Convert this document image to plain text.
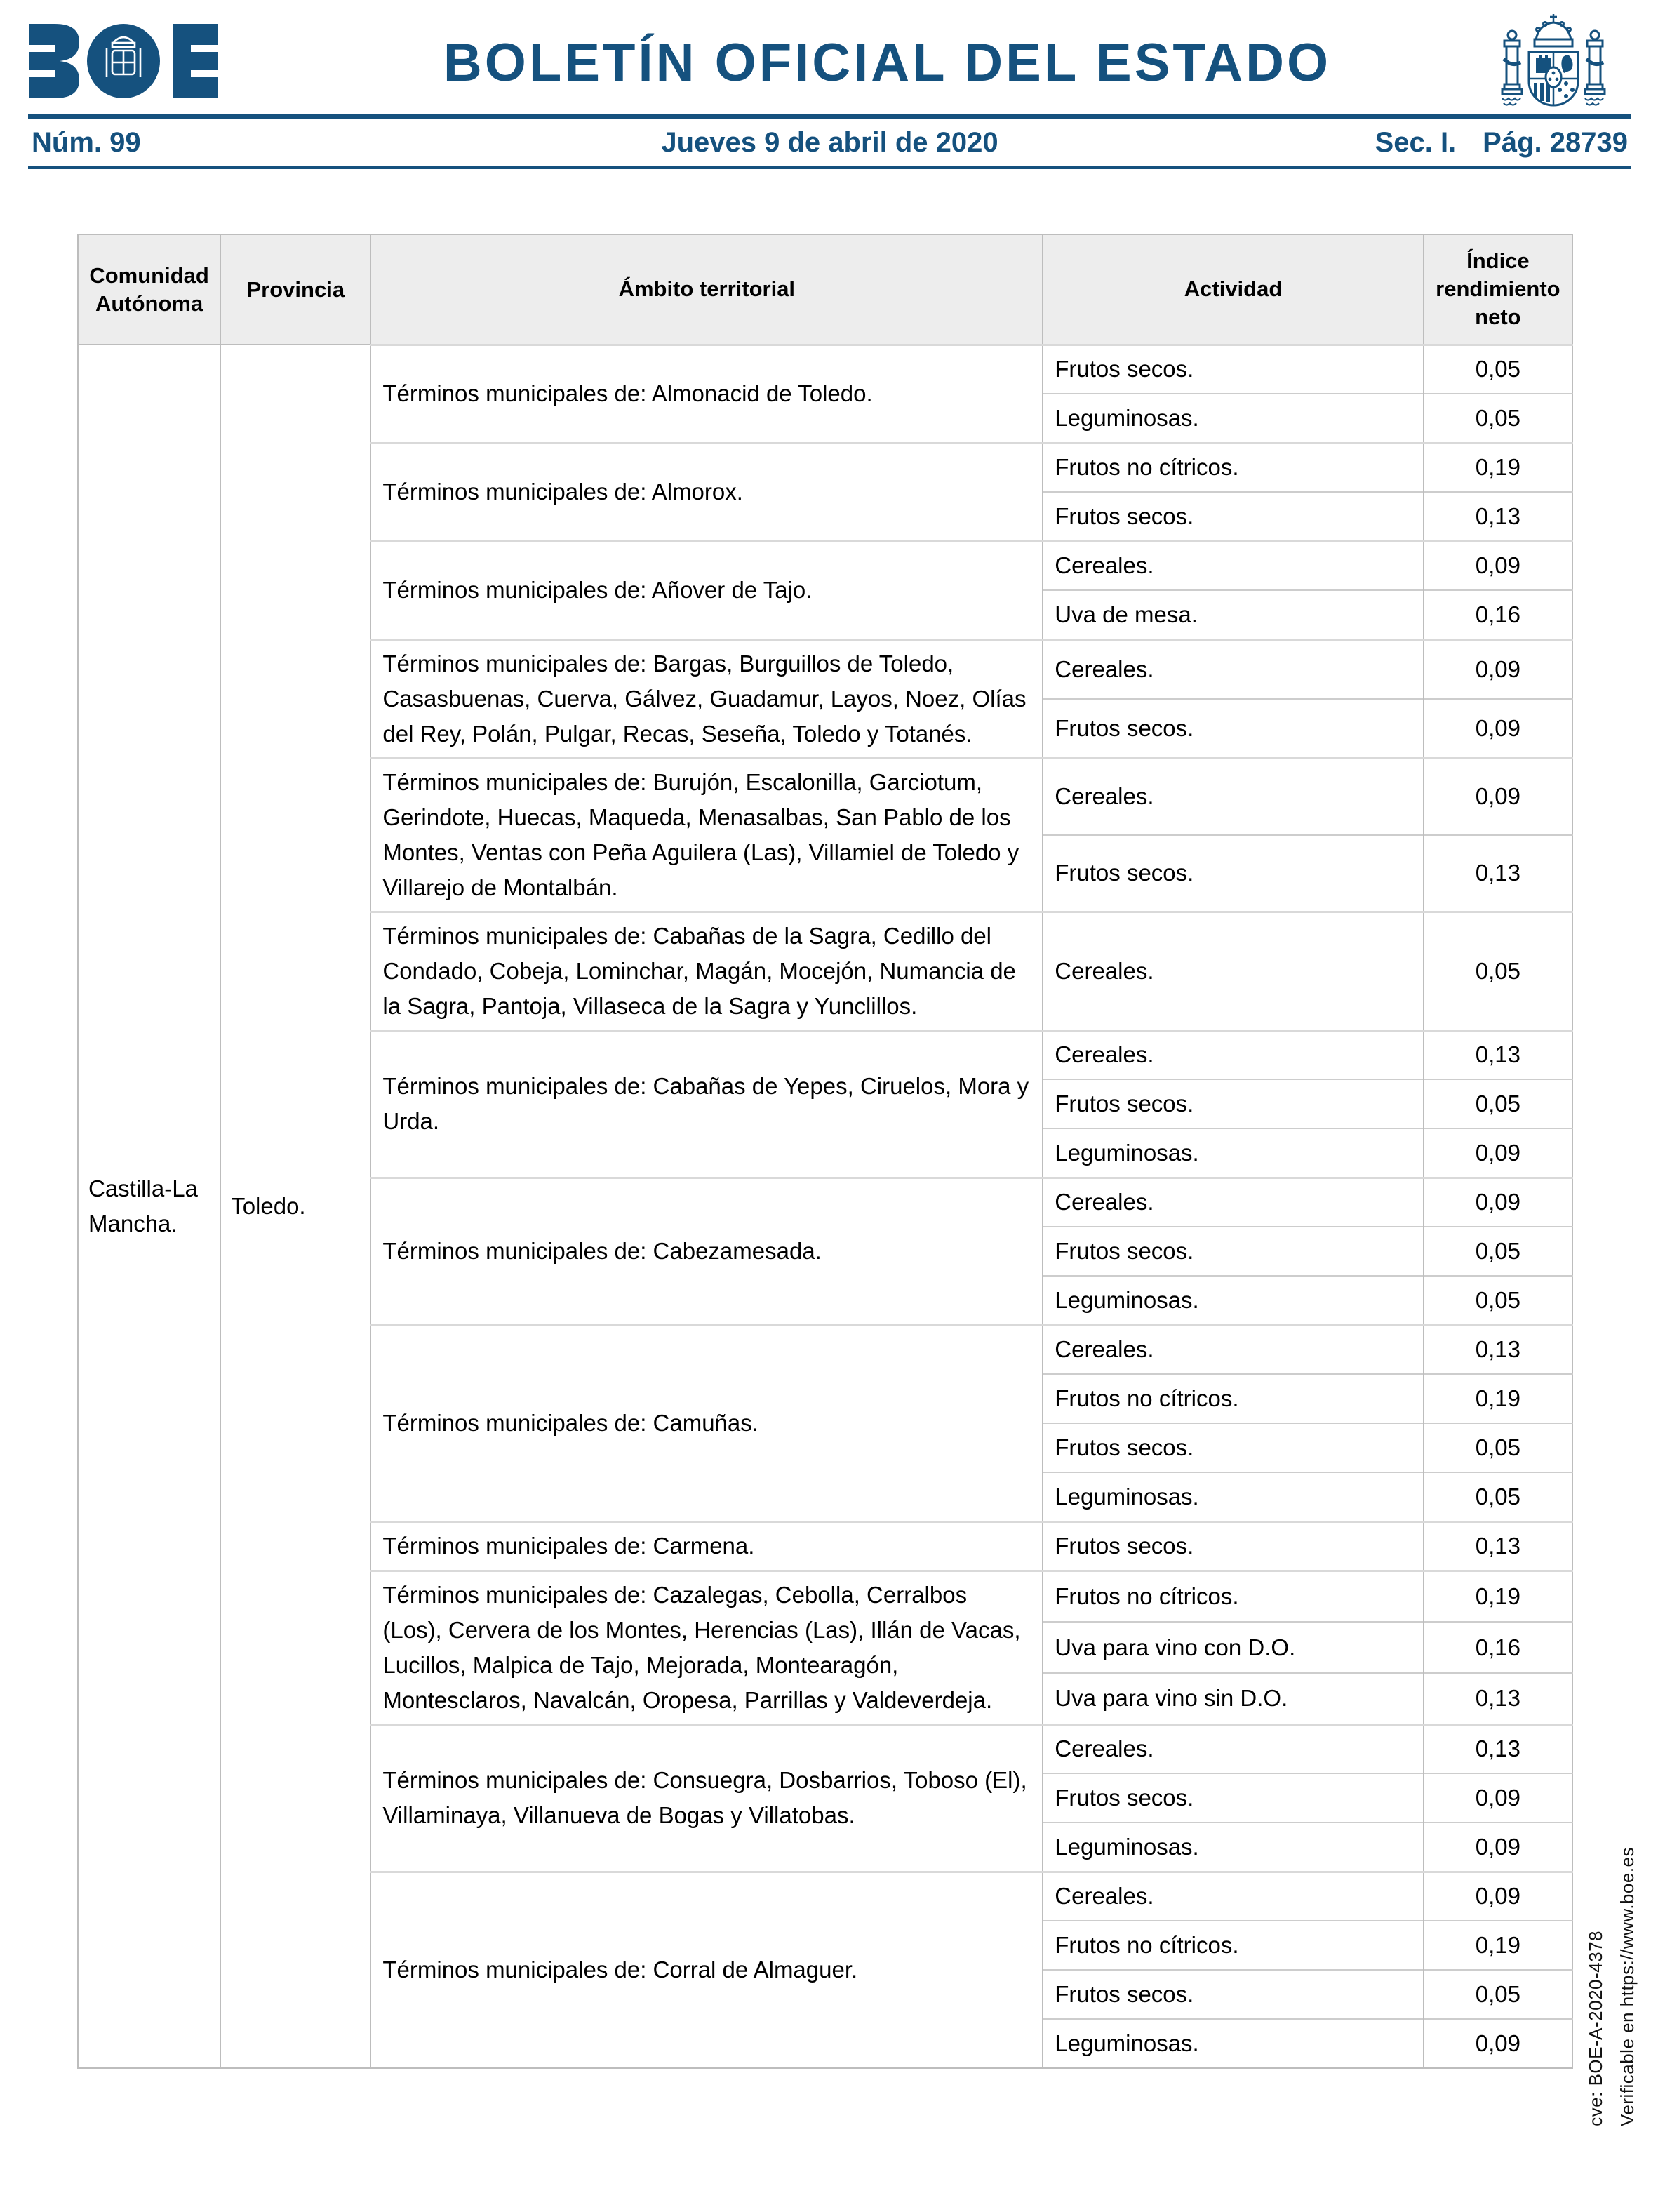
BOLETÍN OFICIAL DEL ESTADO
Núm. 99	Jueves 9 de abril de 2020	Sec. I. Pág. 28739
Comunidad Autónoma	Provincia	Ámbito territorial	Actividad	Índice rendimiento neto
Castilla-La Mancha.	Toledo.	Términos municipales de: Almonacid de Toledo.	Frutos secos.	0,05
			Leguminosas.	0,05
		Términos municipales de: Almorox.	Frutos no cítricos.	0,19
			Frutos secos.	0,13
		Términos municipales de: Añover de Tajo.	Cereales.	0,09
			Uva de mesa.	0,16
		Términos municipales de: Bargas, Burguillos de Toledo, Casasbuenas, Cuerva, Gálvez, Guadamur, Layos, Noez, Olías del Rey, Polán, Pulgar, Recas, Seseña, Toledo y Totanés.	Cereales.	0,09
			Frutos secos.	0,09
		Términos municipales de: Burujón, Escalonilla, Garciotum, Gerindote, Huecas, Maqueda, Menasalbas, San Pablo de los Montes, Ventas con Peña Aguilera (Las), Villamiel de Toledo y Villarejo de Montalbán.	Cereales.	0,09
			Frutos secos.	0,13
		Términos municipales de: Cabañas de la Sagra, Cedillo del Condado, Cobeja, Lominchar, Magán, Mocejón, Numancia de la Sagra, Pantoja, Villaseca de la Sagra y Yunclillos.	Cereales.	0,05
		Términos municipales de: Cabañas de Yepes, Ciruelos, Mora y Urda.	Cereales.	0,13
			Frutos secos.	0,05
			Leguminosas.	0,09
		Términos municipales de: Cabezamesada.	Cereales.	0,09
			Frutos secos.	0,05
			Leguminosas.	0,05
		Términos municipales de: Camuñas.	Cereales.	0,13
			Frutos no cítricos.	0,19
			Frutos secos.	0,05
			Leguminosas.	0,05
		Términos municipales de: Carmena.	Frutos secos.	0,13
		Términos municipales de: Cazalegas, Cebolla, Cerralbos (Los), Cervera de los Montes, Herencias (Las), Illán de Vacas, Lucillos, Malpica de Tajo, Mejorada, Montearagón, Montesclaros, Navalcán, Oropesa, Parrillas y Valdeverdeja.	Frutos no cítricos.	0,19
			Uva para vino con D.O.	0,16
			Uva para vino sin D.O.	0,13
		Términos municipales de: Consuegra, Dosbarrios, Toboso (El), Villaminaya, Villanueva de Bogas y Villatobas.	Cereales.	0,13
			Frutos secos.	0,09
			Leguminosas.	0,09
		Términos municipales de: Corral de Almaguer.	Cereales.	0,09
			Frutos no cítricos.	0,19
			Frutos secos.	0,05
			Leguminosas.	0,09	cve: BOE-A-2020-4378 Verificable en https://www.boe.es
